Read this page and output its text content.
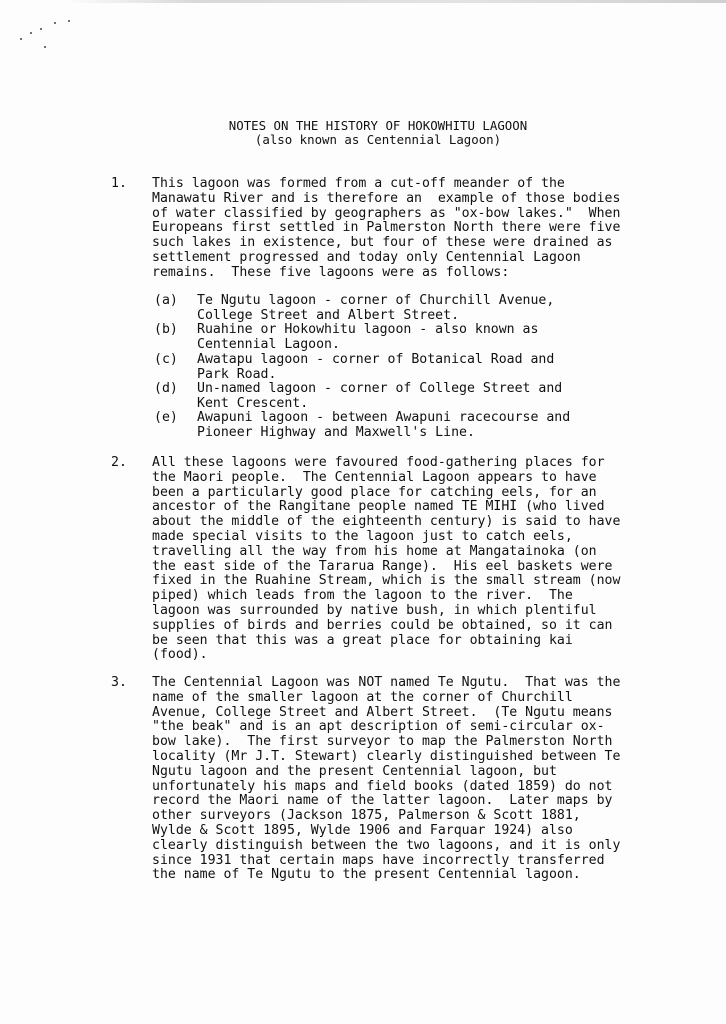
NOTES ON THE HISTORY OF HOKOWHITU LAGOON
(also known as Centennial Lagoon)
1. This lagoon was formed from a cut-off meander of the
Manawatu River and is therefore an  example of those bodies
of water classified by geographers as "ox-bow lakes."  When
Europeans first settled in Palmerston North there were five
such lakes in existence, but four of these were drained as
settlement progressed and today only Centennial Lagoon
remains.  These five lagoons were as follows:
(a) Te Ngutu lagoon - corner of Churchill Avenue,
College Street and Albert Street.
(b) Ruahine or Hokowhitu lagoon - also known as
Centennial Lagoon.
(c) Awatapu lagoon - corner of Botanical Road and
Park Road.
(d) Un-named lagoon - corner of College Street and
Kent Crescent.
(e) Awapuni lagoon - between Awapuni racecourse and
Pioneer Highway and Maxwell's Line.
2. All these lagoons were favoured food-gathering places for
the Maori people.  The Centennial Lagoon appears to have
been a particularly good place for catching eels, for an
ancestor of the Rangitane people named TE MIHI (who lived
about the middle of the eighteenth century) is said to have
made special visits to the lagoon just to catch eels,
travelling all the way from his home at Mangatainoka (on
the east side of the Tararua Range).  His eel baskets were
fixed in the Ruahine Stream, which is the small stream (now
piped) which leads from the lagoon to the river.  The
lagoon was surrounded by native bush, in which plentiful
supplies of birds and berries could be obtained, so it can
be seen that this was a great place for obtaining kai
(food).
3. The Centennial Lagoon was NOT named Te Ngutu.  That was the
name of the smaller lagoon at the corner of Churchill
Avenue, College Street and Albert Street.  (Te Ngutu means
"the beak" and is an apt description of semi-circular ox-
bow lake).  The first surveyor to map the Palmerston North
locality (Mr J.T. Stewart) clearly distinguished between Te
Ngutu lagoon and the present Centennial lagoon, but
unfortunately his maps and field books (dated 1859) do not
record the Maori name of the latter lagoon.  Later maps by
other surveyors (Jackson 1875, Palmerson & Scott 1881,
Wylde & Scott 1895, Wylde 1906 and Farquar 1924) also
clearly distinguish between the two lagoons, and it is only
since 1931 that certain maps have incorrectly transferred
the name of Te Ngutu to the present Centennial lagoon.
